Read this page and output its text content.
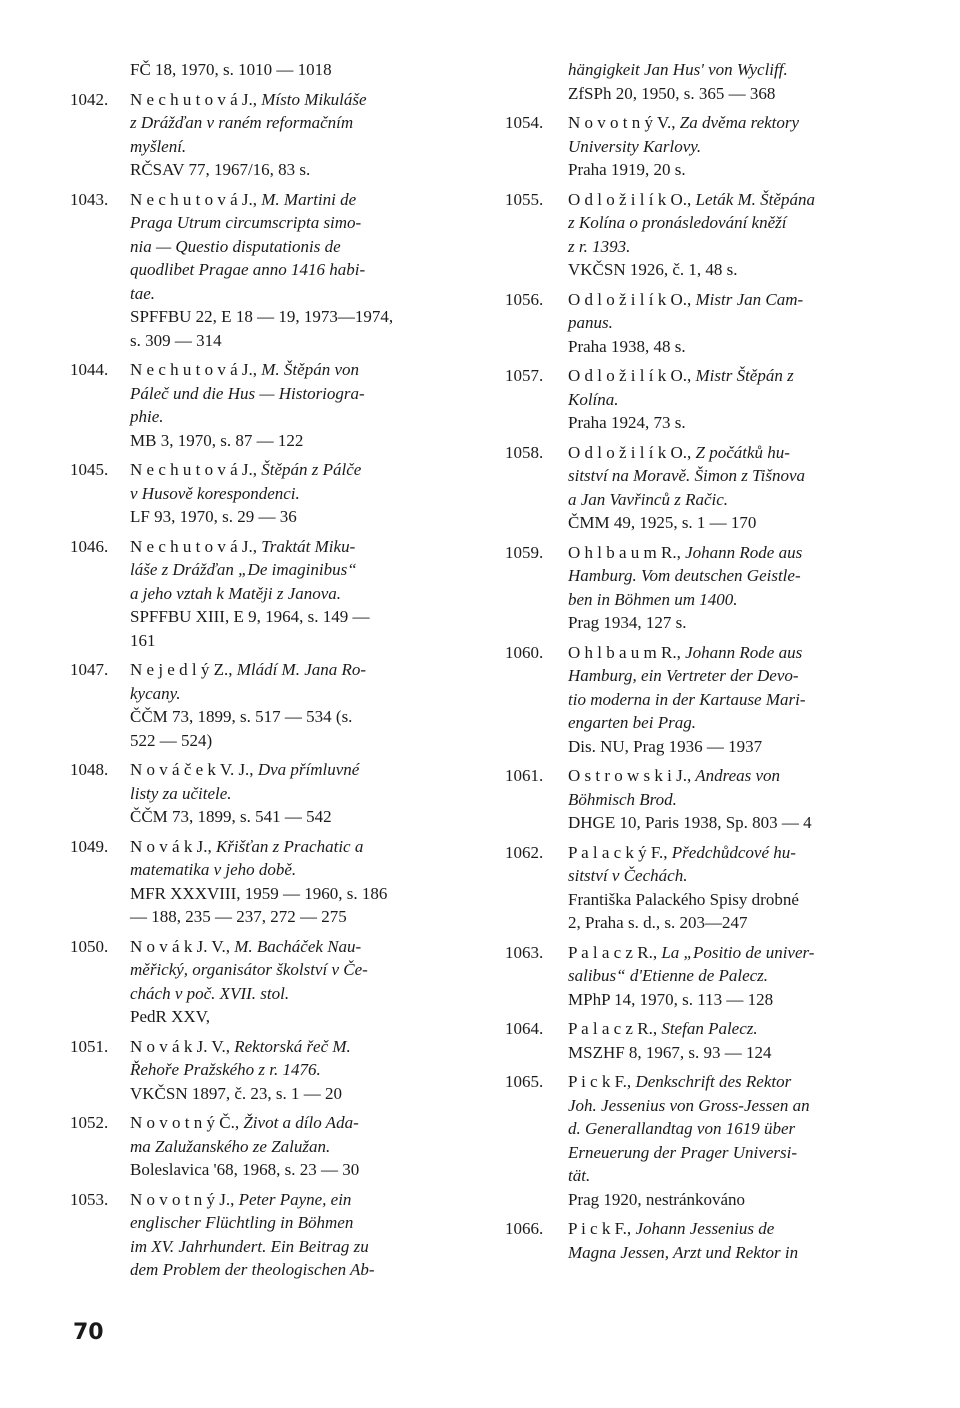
FČ 18, 1970, s. 1010 — 1018
1042. N e c h u t o v á J., Místo Mikuláše
z Drážďan v raném reformačním
myšlení.
RČSAV 77, 1967/16, 83 s.
1043. N e c h u t o v á J., M. Martini de
Praga Utrum circumscripta simo-
nia — Questio disputationis de
quodlibet Pragae anno 1416 habi-
tae.
SPFFBU 22, E 18 — 19, 1973—1974,
s. 309 — 314
1044. N e c h u t o v á J., M. Štěpán von
Páleč und die Hus — Historiogra-
phie.
MB 3, 1970, s. 87 — 122
1045. N e c h u t o v á J., Štěpán z Pálče
v Husově korespondenci.
LF 93, 1970, s. 29 — 36
1046. N e c h u t o v á J., Traktát Miku-
láše z Drážďan „De imaginibus“
a jeho vztah k Matěji z Janova.
SPFFBU XIII, E 9, 1964, s. 149 —
161
1047. N e j e d l ý Z., Mládí M. Jana Ro-
kycany.
ČČM 73, 1899, s. 517 — 534 (s.
522 — 524)
1048. N o v á č e k V. J., Dva přímluvné
listy za učitele.
ČČM 73, 1899, s. 541 — 542
1049. N o v á k J., Křišťan z Prachatic a
matematika v jeho době.
MFR XXXVIII, 1959 — 1960, s. 186
— 188, 235 — 237, 272 — 275
1050. N o v á k J. V., M. Bacháček Nau-
měřický, organisátor školství v Če-
chách v poč. XVII. stol.
PedR XXV,
1051. N o v á k J. V., Rektorská řeč M.
Řehoře Pražského z r. 1476.
VKČSN 1897, č. 23, s. 1 — 20
1052. N o v o t n ý Č., Život a dílo Ada-
ma Zalužanského ze Zalužan.
Boleslavica '68, 1968, s. 23 — 30
1053. N o v o t n ý J., Peter Payne, ein
englischer Flüchtling in Böhmen
im XV. Jahrhundert. Ein Beitrag zu
dem Problem der theologischen Ab-
hängigkeit Jan Hus' von Wycliff.
ZfSPh 20, 1950, s. 365 — 368
1054. N o v o t n ý V., Za dvěma rektory
University Karlovy.
Praha 1919, 20 s.
1055. O d l o ž i l í k O., Leták M. Štěpána
z Kolína o pronásledování kněží
z r. 1393.
VKČSN 1926, č. 1, 48 s.
1056. O d l o ž i l í k O., Mistr Jan Cam-
panus.
Praha 1938, 48 s.
1057. O d l o ž i l í k O., Mistr Štěpán z
Kolína.
Praha 1924, 73 s.
1058. O d l o ž i l í k O., Z počátků hu-
sitství na Moravě. Šimon z Tišnova
a Jan Vavřinců z Račic.
ČMM 49, 1925, s. 1 — 170
1059. O h l b a u m R., Johann Rode aus
Hamburg. Vom deutschen Geistle-
ben in Böhmen um 1400.
Prag 1934, 127 s.
1060. O h l b a u m R., Johann Rode aus
Hamburg, ein Vertreter der Devo-
tio moderna in der Kartause Mari-
engarten bei Prag.
Dis. NU, Prag 1936 — 1937
1061. O s t r o w s k i J., Andreas von
Böhmisch Brod.
DHGE 10, Paris 1938, Sp. 803 — 4
1062. P a l a c k ý F., Předchůdcové hu-
sitství v Čechách.
Františka Palackého Spisy drobné
2, Praha s. d., s. 203—247
1063. P a l a c z R., La „Positio de univer-
salibus“ d'Etienne de Palecz.
MPhP 14, 1970, s. 113 — 128
1064. P a l a c z R., Stefan Palecz.
MSZHF 8, 1967, s. 93 — 124
1065. P i c k F., Denkschrift des Rektor
Joh. Jessenius von Gross-Jessen an
d. Generallandtag von 1619 über
Erneuerung der Prager Universi-
tät.
Prag 1920, nestránkováno
1066. P i c k F., Johann Jessenius de
Magna Jessen, Arzt und Rektor in
70
